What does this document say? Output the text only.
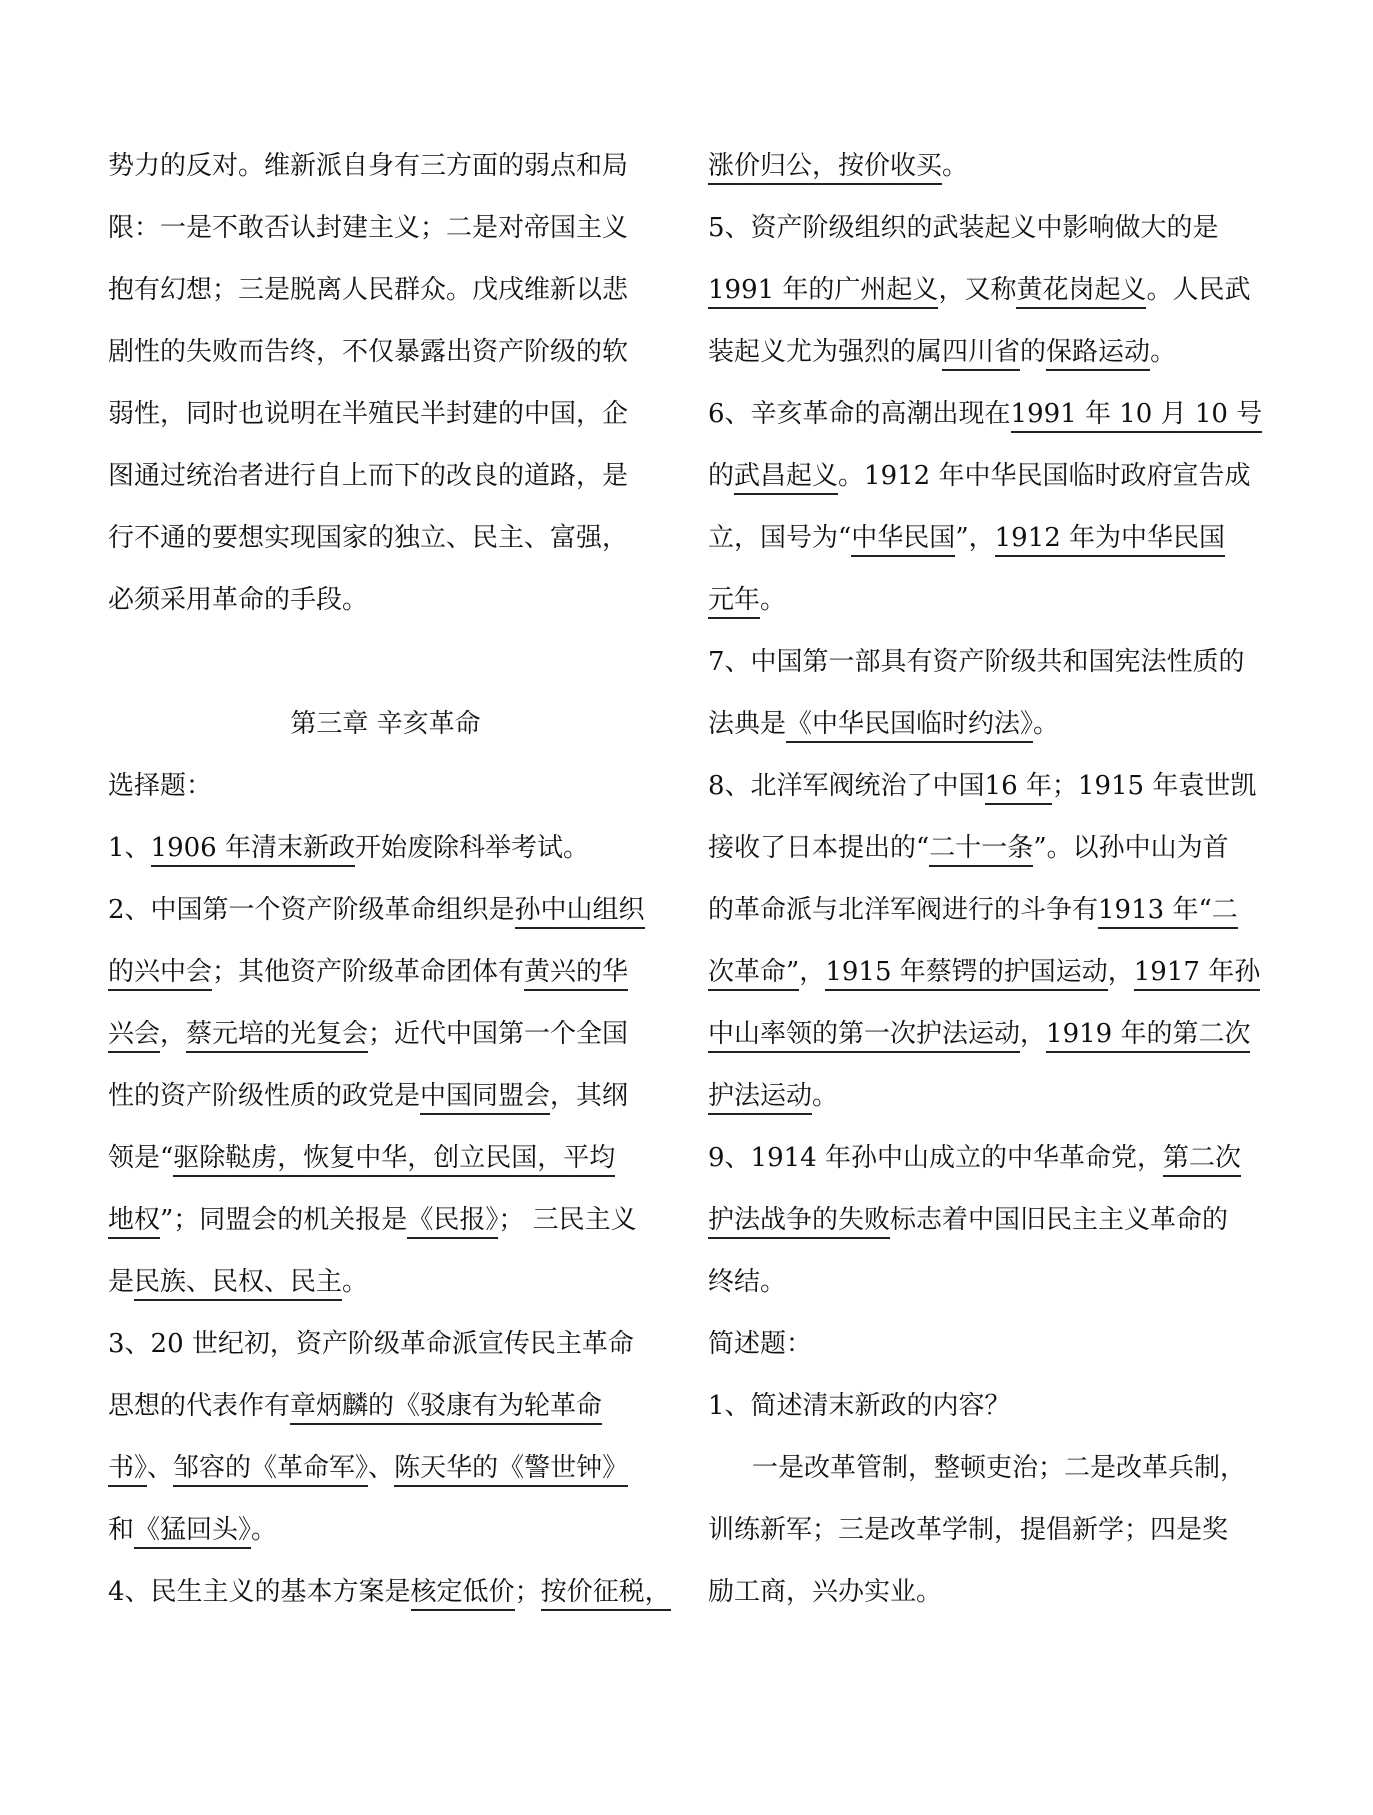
势力的反对。维新派自身有三方面的弱点和局
限：一是不敢否认封建主义；二是对帝国主义
抱有幻想；三是脱离人民群众。戊戌维新以悲
剧性的失败而告终，不仅暴露出资产阶级的软
弱性，同时也说明在半殖民半封建的中国，企
图通过统治者进行自上而下的改良的道路，是
行不通的要想实现国家的独立、民主、富强，
必须采用革命的手段。
第三章 辛亥革命
选择题：
1、1906 年清末新政开始废除科举考试。
2、中国第一个资产阶级革命组织是孙中山组织
的兴中会；其他资产阶级革命团体有黄兴的华
兴会，蔡元培的光复会；近代中国第一个全国
性的资产阶级性质的政党是中国同盟会，其纲
领是“驱除鞑虏，恢复中华，创立民国，平均
地权”；同盟会的机关报是《民报》； 三民主义
是民族、民权、民主。
3、20 世纪初，资产阶级革命派宣传民主革命
思想的代表作有章炳麟的《驳康有为轮革命
书》、邹容的《革命军》、陈天华的《警世钟》
和《猛回头》。
4、民生主义的基本方案是核定低价；按价征税，
涨价归公，按价收买。
5、资产阶级组织的武装起义中影响做大的是
1991 年的广州起义，又称黄花岗起义。人民武
装起义尤为强烈的属四川省的保路运动。
6、辛亥革命的高潮出现在1991 年 10 月 10 号
的武昌起义。1912 年中华民国临时政府宣告成
立，国号为“中华民国”，1912 年为中华民国
元年。
7、中国第一部具有资产阶级共和国宪法性质的
法典是《中华民国临时约法》。
8、北洋军阀统治了中国16 年；1915 年袁世凯
接收了日本提出的“二十一条”。以孙中山为首
的革命派与北洋军阀进行的斗争有1913 年“二
次革命”，1915 年蔡锷的护国运动，1917 年孙
中山率领的第一次护法运动，1919 年的第二次
护法运动。
9、1914 年孙中山成立的中华革命党，第二次
护法战争的失败标志着中国旧民主主义革命的
终结。
简述题：
1、简述清末新政的内容？
一是改革管制，整顿吏治；二是改革兵制，
训练新军；三是改革学制，提倡新学；四是奖
励工商，兴办实业。
